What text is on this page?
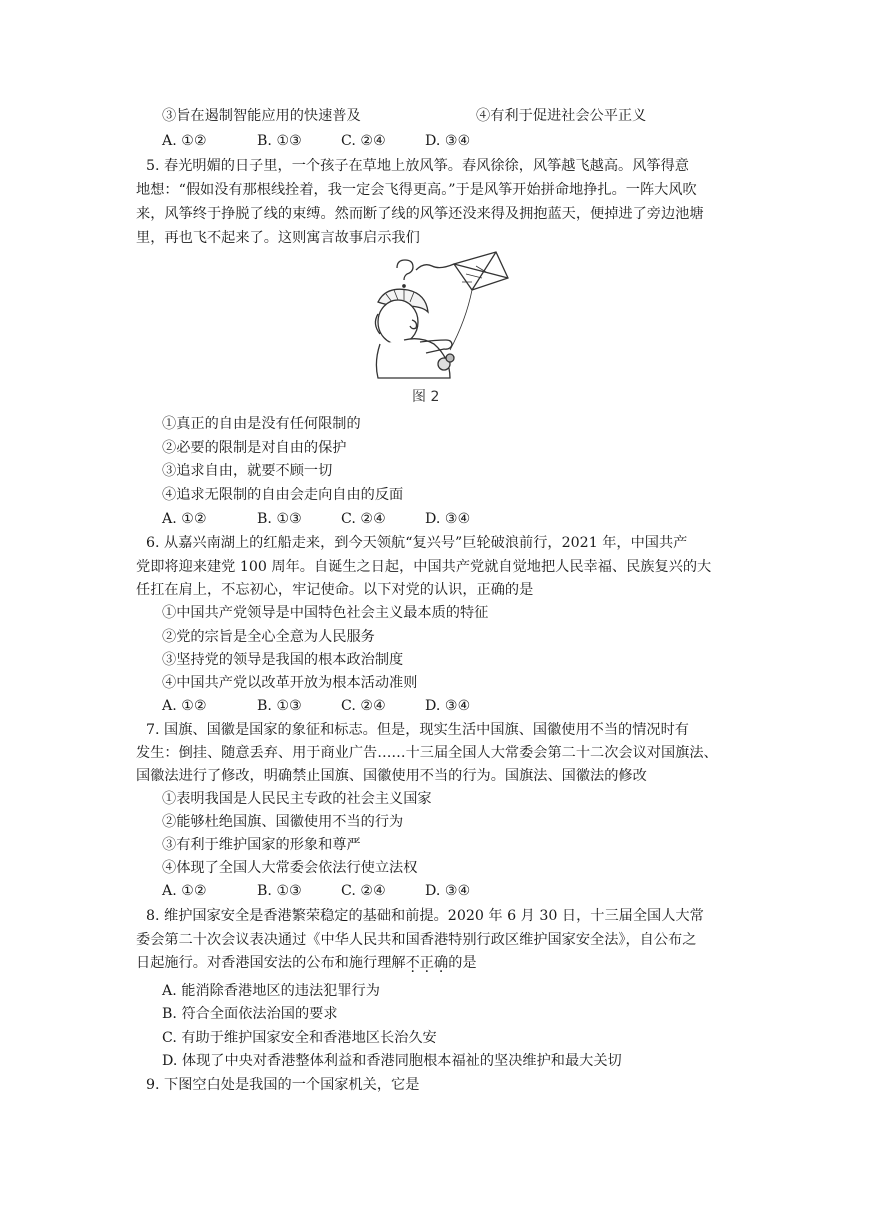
③旨在遏制智能应用的快速普及	④有利于促进社会公平正义
A. ①②	B. ①③	C. ②④	D. ③④
5. 春光明媚的日子里，一个孩子在草地上放风筝。春风徐徐，风筝越飞越高。风筝得意
地想：“假如没有那根线拴着，我一定会飞得更高。”于是风筝开始拼命地挣扎。一阵大风吹
来，风筝终于挣脱了线的束缚。然而断了线的风筝还没来得及拥抱蓝天，便掉进了旁边池塘
里，再也飞不起来了。这则寓言故事启示我们
图 2
①真正的自由是没有任何限制的
②必要的限制是对自由的保护
③追求自由，就要不顾一切
④追求无限制的自由会走向自由的反面
A. ①②	B. ①③	C. ②④	D. ③④
6. 从嘉兴南湖上的红船走来，到今天领航“复兴号”巨轮破浪前行，2021 年，中国共产
党即将迎来建党 100 周年。自诞生之日起，中国共产党就自觉地把人民幸福、民族复兴的大
任扛在肩上，不忘初心，牢记使命。以下对党的认识，正确的是
①中国共产党领导是中国特色社会主义最本质的特征
②党的宗旨是全心全意为人民服务
③坚持党的领导是我国的根本政治制度
④中国共产党以改革开放为根本活动准则
A. ①②	B. ①③	C. ②④	D. ③④
7. 国旗、国徽是国家的象征和标志。但是，现实生活中国旗、国徽使用不当的情况时有
发生：倒挂、随意丢弃、用于商业广告……十三届全国人大常委会第二十二次会议对国旗法、
国徽法进行了修改，明确禁止国旗、国徽使用不当的行为。国旗法、国徽法的修改
①表明我国是人民民主专政的社会主义国家
②能够杜绝国旗、国徽使用不当的行为
③有利于维护国家的形象和尊严
④体现了全国人大常委会依法行使立法权
A. ①②	B. ①③	C. ②④	D. ③④
8. 维护国家安全是香港繁荣稳定的基础和前提。2020 年 6 月 30 日，十三届全国人大常
委会第二十次会议表决通过《中华人民共和国香港特别行政区维护国家安全法》，自公布之
日起施行。对香港国安法的公布和施行理解不正确的是
A. 能消除香港地区的违法犯罪行为
B. 符合全面依法治国的要求
C. 有助于维护国家安全和香港地区长治久安
D. 体现了中央对香港整体利益和香港同胞根本福祉的坚决维护和最大关切
9. 下图空白处是我国的一个国家机关，它是
